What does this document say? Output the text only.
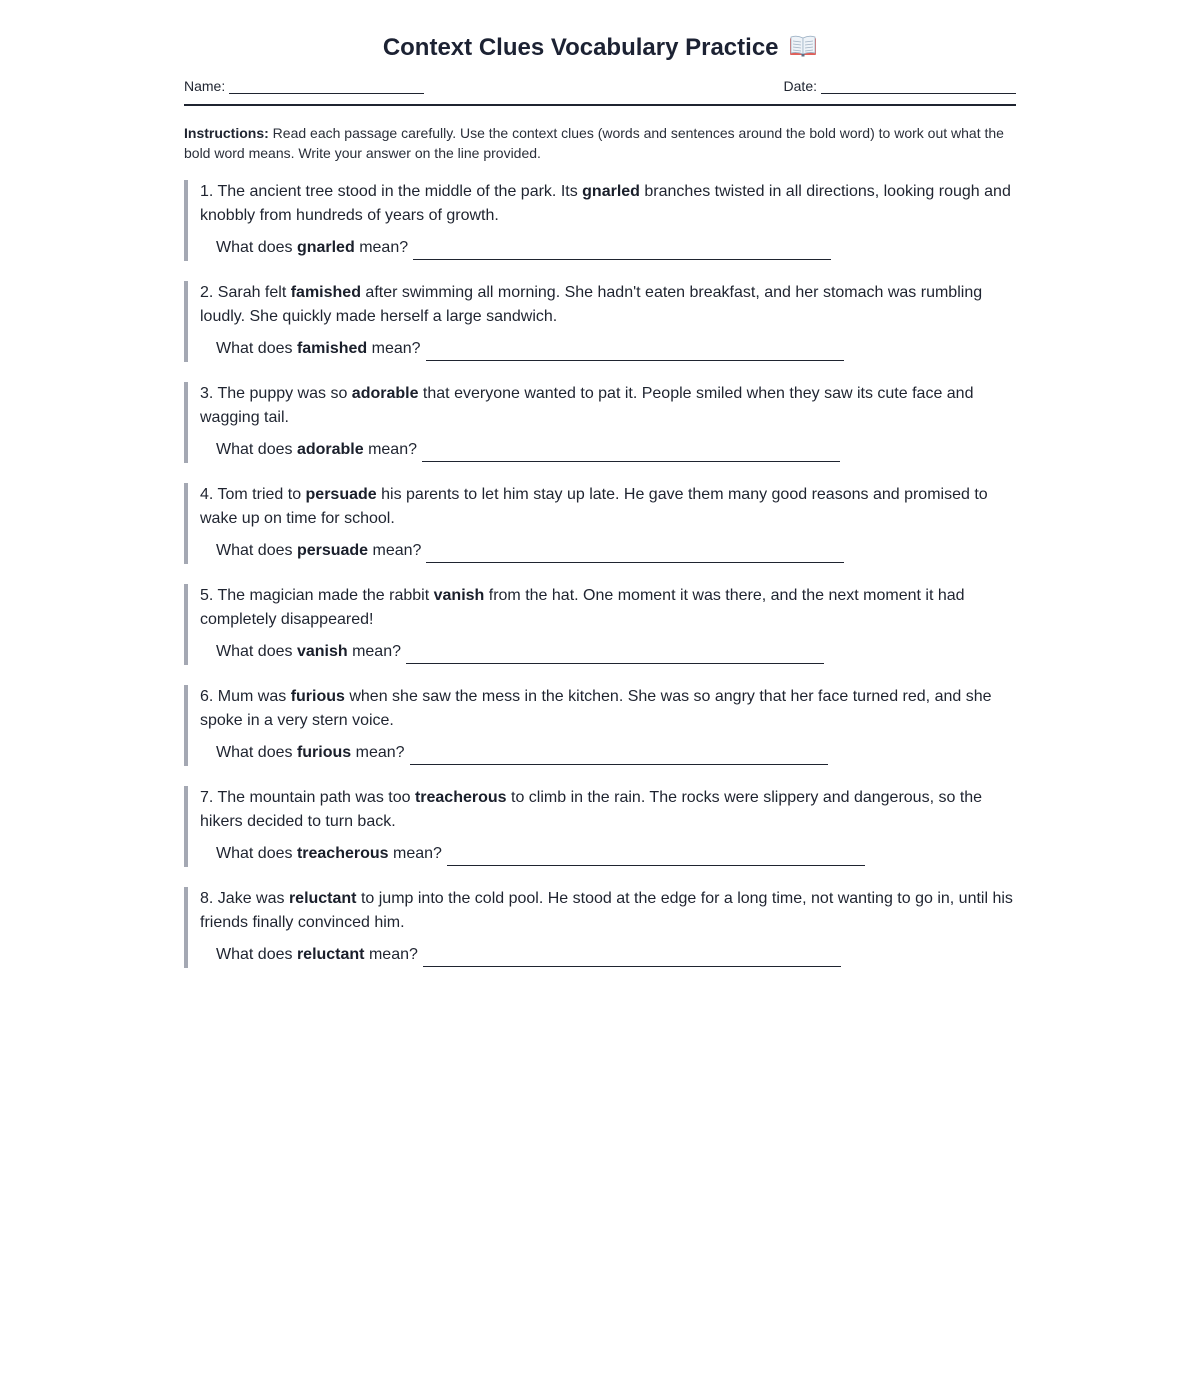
Context Clues Vocabulary Practice
Name:	Date:
Instructions: Read each passage carefully. Use the context clues (words and sentences around the bold word) to work out what the bold word means. Write your answer on the line provided.

1. The ancient tree stood in the middle of the park. Its gnarled branches twisted in all directions, looking rough and knobbly from hundreds of years of growth.

What does
gnarled
mean?

2. Sarah felt famished after swimming all morning. She hadn't eaten breakfast, and her stomach was rumbling loudly. She quickly made herself a large sandwich.

What does
famished
mean?

3. The puppy was so adorable that everyone wanted to pat it. People smiled when they saw its cute face and wagging tail.

What does
adorable
mean?

4. Tom tried to persuade his parents to let him stay up late. He gave them many good reasons and promised to wake up on time for school.

What does
persuade
mean?

5. The magician made the rabbit vanish from the hat. One moment it was there, and the next moment it had completely disappeared!

What does
vanish
mean?

6. Mum was furious when she saw the mess in the kitchen. She was so angry that her face turned red, and she spoke in a very stern voice.

What does
furious
mean?

7. The mountain path was too treacherous to climb in the rain. The rocks were slippery and dangerous, so the hikers decided to turn back.

What does
treacherous
mean?

8. Jake was reluctant to jump into the cold pool. He stood at the edge for a long time, not wanting to go in, until his friends finally convinced him.

What does
reluctant
mean?
